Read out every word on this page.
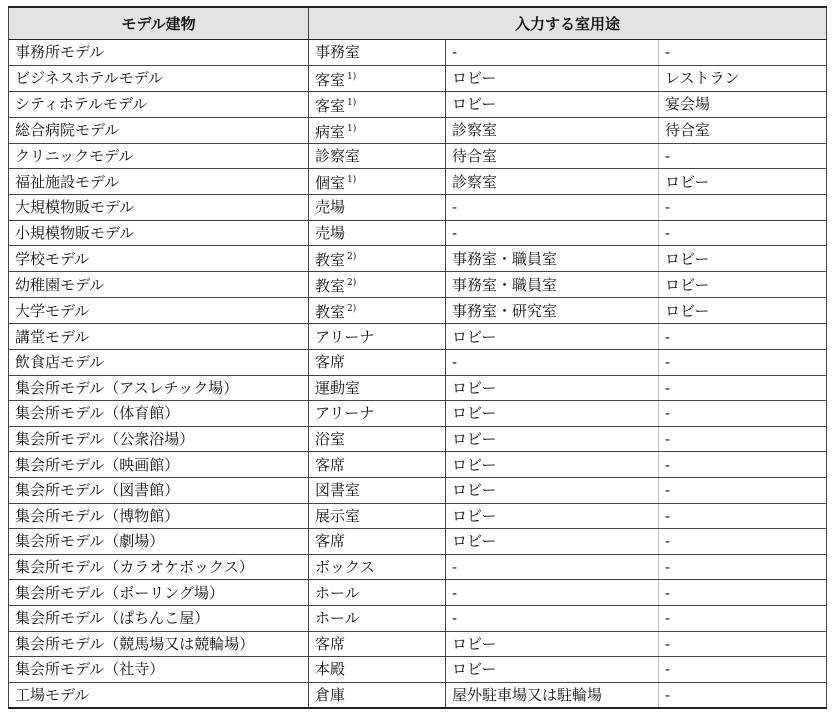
モデル建物	入力する室用途		
事務所モデル	事務室	-	-
ビジネスホテルモデル	客室 $^{1)}$	ロビー	レストラン
シティホテルモデル	客室 $^{1)}$	ロビー	宴会場
総合病院モデル	病室 $^{1)}$	診察室	待合室
クリニックモデル	診察室	待合室	-
福祉施設モデル	個室 $^{1)}$	診察室	ロビー
大規模物販モデル	売場	-	-
小規模物販モデル	売場	-	-
学校モデル	教室 $^{2)}$	事務室・職員室	ロビー
幼稚園モデル	教室 $^{2)}$	事務室・職員室	ロビー
大学モデル	教室 $^{2)}$	事務室・研究室	ロビー
講堂モデル	アリーナ	ロビー	-
飲食店モデル	客席	-	-
集会所モデル（アスレチック場）	運動室	ロビー	-
集会所モデル（体育館）	アリーナ	ロビー	-
集会所モデル（公衆浴場）	浴室	ロビー	-
集会所モデル（映画館）	客席	ロビー	-
集会所モデル（図書館）	図書室	ロビー	-
集会所モデル（博物館）	展示室	ロビー	-
集会所モデル（劇場）	客席	ロビー	-
集会所モデル（カラオケボックス）	ボックス	-	-
集会所モデル（ボーリング場）	ホール	-	-
集会所モデル（ぱちんこ屋）	ホール	-	-
集会所モデル（競馬場又は競輪場）	客席	ロビー	-
集会所モデル（社寺）	本殿	ロビー	-
工場モデル	倉庫	屋外駐車場又は駐輪場	-
